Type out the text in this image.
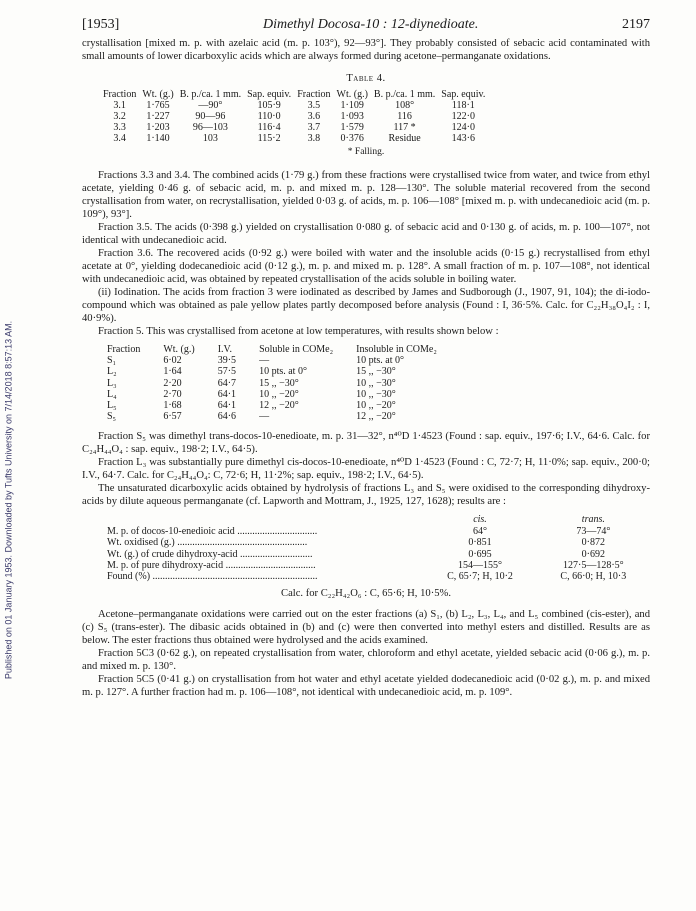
Published on 01 January 1953. Downloaded by Tufts University on 7/14/2018 8:57:13 AM.
[1953]	Dimethyl Docosa-10 : 12-diynedioate.	2197

crystallisation [mixed m. p. with azelaic acid (m. p. 103°), 92—93°]. They probably consisted of sebacic acid contaminated with small amounts of lower dicarboxylic acids which are always formed during acetone–permanganate oxidations.

Table 4.
Fraction	Wt. (g.)	B. p./ca. 1 mm.	Sap. equiv.	Fraction	Wt. (g.)	B. p./ca. 1 mm.	Sap. equiv.
3.1	1·765	—90°	105·9	3.5	1·109	108°	118·1
3.2	1·227	90—96	110·0	3.6	1·093	116	122·0
3.3	1·203	96—103	116·4	3.7	1·579	117 *	124·0
3.4	1·140	103	115·2	3.8	0·376	Residue	143·6
* Falling.

Fractions 3.3 and 3.4. The combined acids (1·79 g.) from these fractions were crystallised twice from water, and twice from ethyl acetate, yielding 0·46 g. of sebacic acid, m. p. and mixed m. p. 128—130°. The soluble material recovered from the second crystallisation from water, on recrystallisation, yielded 0·03 g. of acids, m. p. 106—108° [mixed m. p. with undecanedioic acid (m. p. 109°), 93°].

Fraction 3.5. The acids (0·398 g.) yielded on crystallisation 0·080 g. of sebacic acid and 0·130 g. of acids, m. p. 100—107°, not identical with undecanedioic acid.

Fraction 3.6. The recovered acids (0·92 g.) were boiled with water and the insoluble acids (0·15 g.) recrystallised from ethyl acetate at 0°, yielding dodecanedioic acid (0·12 g.), m. p. and mixed m. p. 128°. A small fraction of m. p. 107—108°, not identical with undecanedioic acid, was obtained by repeated crystallisation of the acids soluble in boiling water.

(ii) Iodination. The acids from fraction 3 were iodinated as described by James and Sudborough (J., 1907, 91, 104); the di-iodo-compound which was obtained as pale yellow plates partly decomposed before analysis (Found : I, 36·5%. Calc. for C₂₂H₃₈O₄I₂ : I, 40·9%).

Fraction 5. This was crystallised from acetone at low temperatures, with results shown below :

Fraction	Wt. (g.)	I.V.	Soluble in COMe₂	Insoluble in COMe₂
S₁	6·02	39·5	—	10 pts. at 0°
L₂	1·64	57·5	10 pts. at 0°	15 ,, −30°
L₃	2·20	64·7	15 ,, −30°	10 ,, −30°
L₄	2·70	64·1	10 ,, −20°	10 ,, −30°
L₅	1·68	64·1	12 ,, −20°	10 ,, −20°
S₅	6·57	64·6	—	12 ,, −20°

Fraction S₅ was dimethyl trans-docos-10-enedioate, m. p. 31—32°, n⁴⁰D 1·4523 (Found : sap. equiv., 197·6; I.V., 64·6. Calc. for C₂₄H₄₄O₄ : sap. equiv., 198·2; I.V., 64·5).

Fraction L₃ was substantially pure dimethyl cis-docos-10-enedioate, n⁴⁰D 1·4523 (Found : C, 72·7; H, 11·0%; sap. equiv., 200·0; I.V., 64·7. Calc. for C₂₄H₄₄O₄: C, 72·6; H, 11·2%; sap. equiv., 198·2; I.V., 64·5).

The unsaturated dicarboxylic acids obtained by hydrolysis of fractions L₃ and S₅ were oxidised to the corresponding dihydroxy-acids by dilute aqueous permanganate (cf. Lapworth and Mottram, J., 1925, 127, 1628); results are :

	cis.	trans.
M. p. of docos-10-enedioic acid ................................	64°	73—74°
Wt. oxidised (g.) ....................................................	0·851	0·872
Wt. (g.) of crude dihydroxy-acid .............................	0·695	0·692
M. p. of pure dihydroxy-acid ....................................	154—155°	127·5—128·5°
Found (%) ..................................................................	C, 65·7; H, 10·2	C, 66·0; H, 10·3
Calc. for C₂₂H₄₂O₆ : C, 65·6; H, 10·5%.

Acetone–permanganate oxidations were carried out on the ester fractions (a) S₁, (b) L₂, L₃, L₄, and L₅ combined (cis-ester), and (c) S₅ (trans-ester). The dibasic acids obtained in (b) and (c) were then converted into methyl esters and distilled. Results are as below. The ester fractions thus obtained were hydrolysed and the acids examined.

Fraction 5C3 (0·62 g.), on repeated crystallisation from water, chloroform and ethyl acetate, yielded sebacic acid (0·06 g.), m. p. and mixed m. p. 130°.

Fraction 5C5 (0·41 g.) on crystallisation from hot water and ethyl acetate yielded dodecanedioic acid (0·02 g.), m. p. and mixed m. p. 127°. A further fraction had m. p. 106—108°, not identical with undecanedioic acid, m. p. 109°.
